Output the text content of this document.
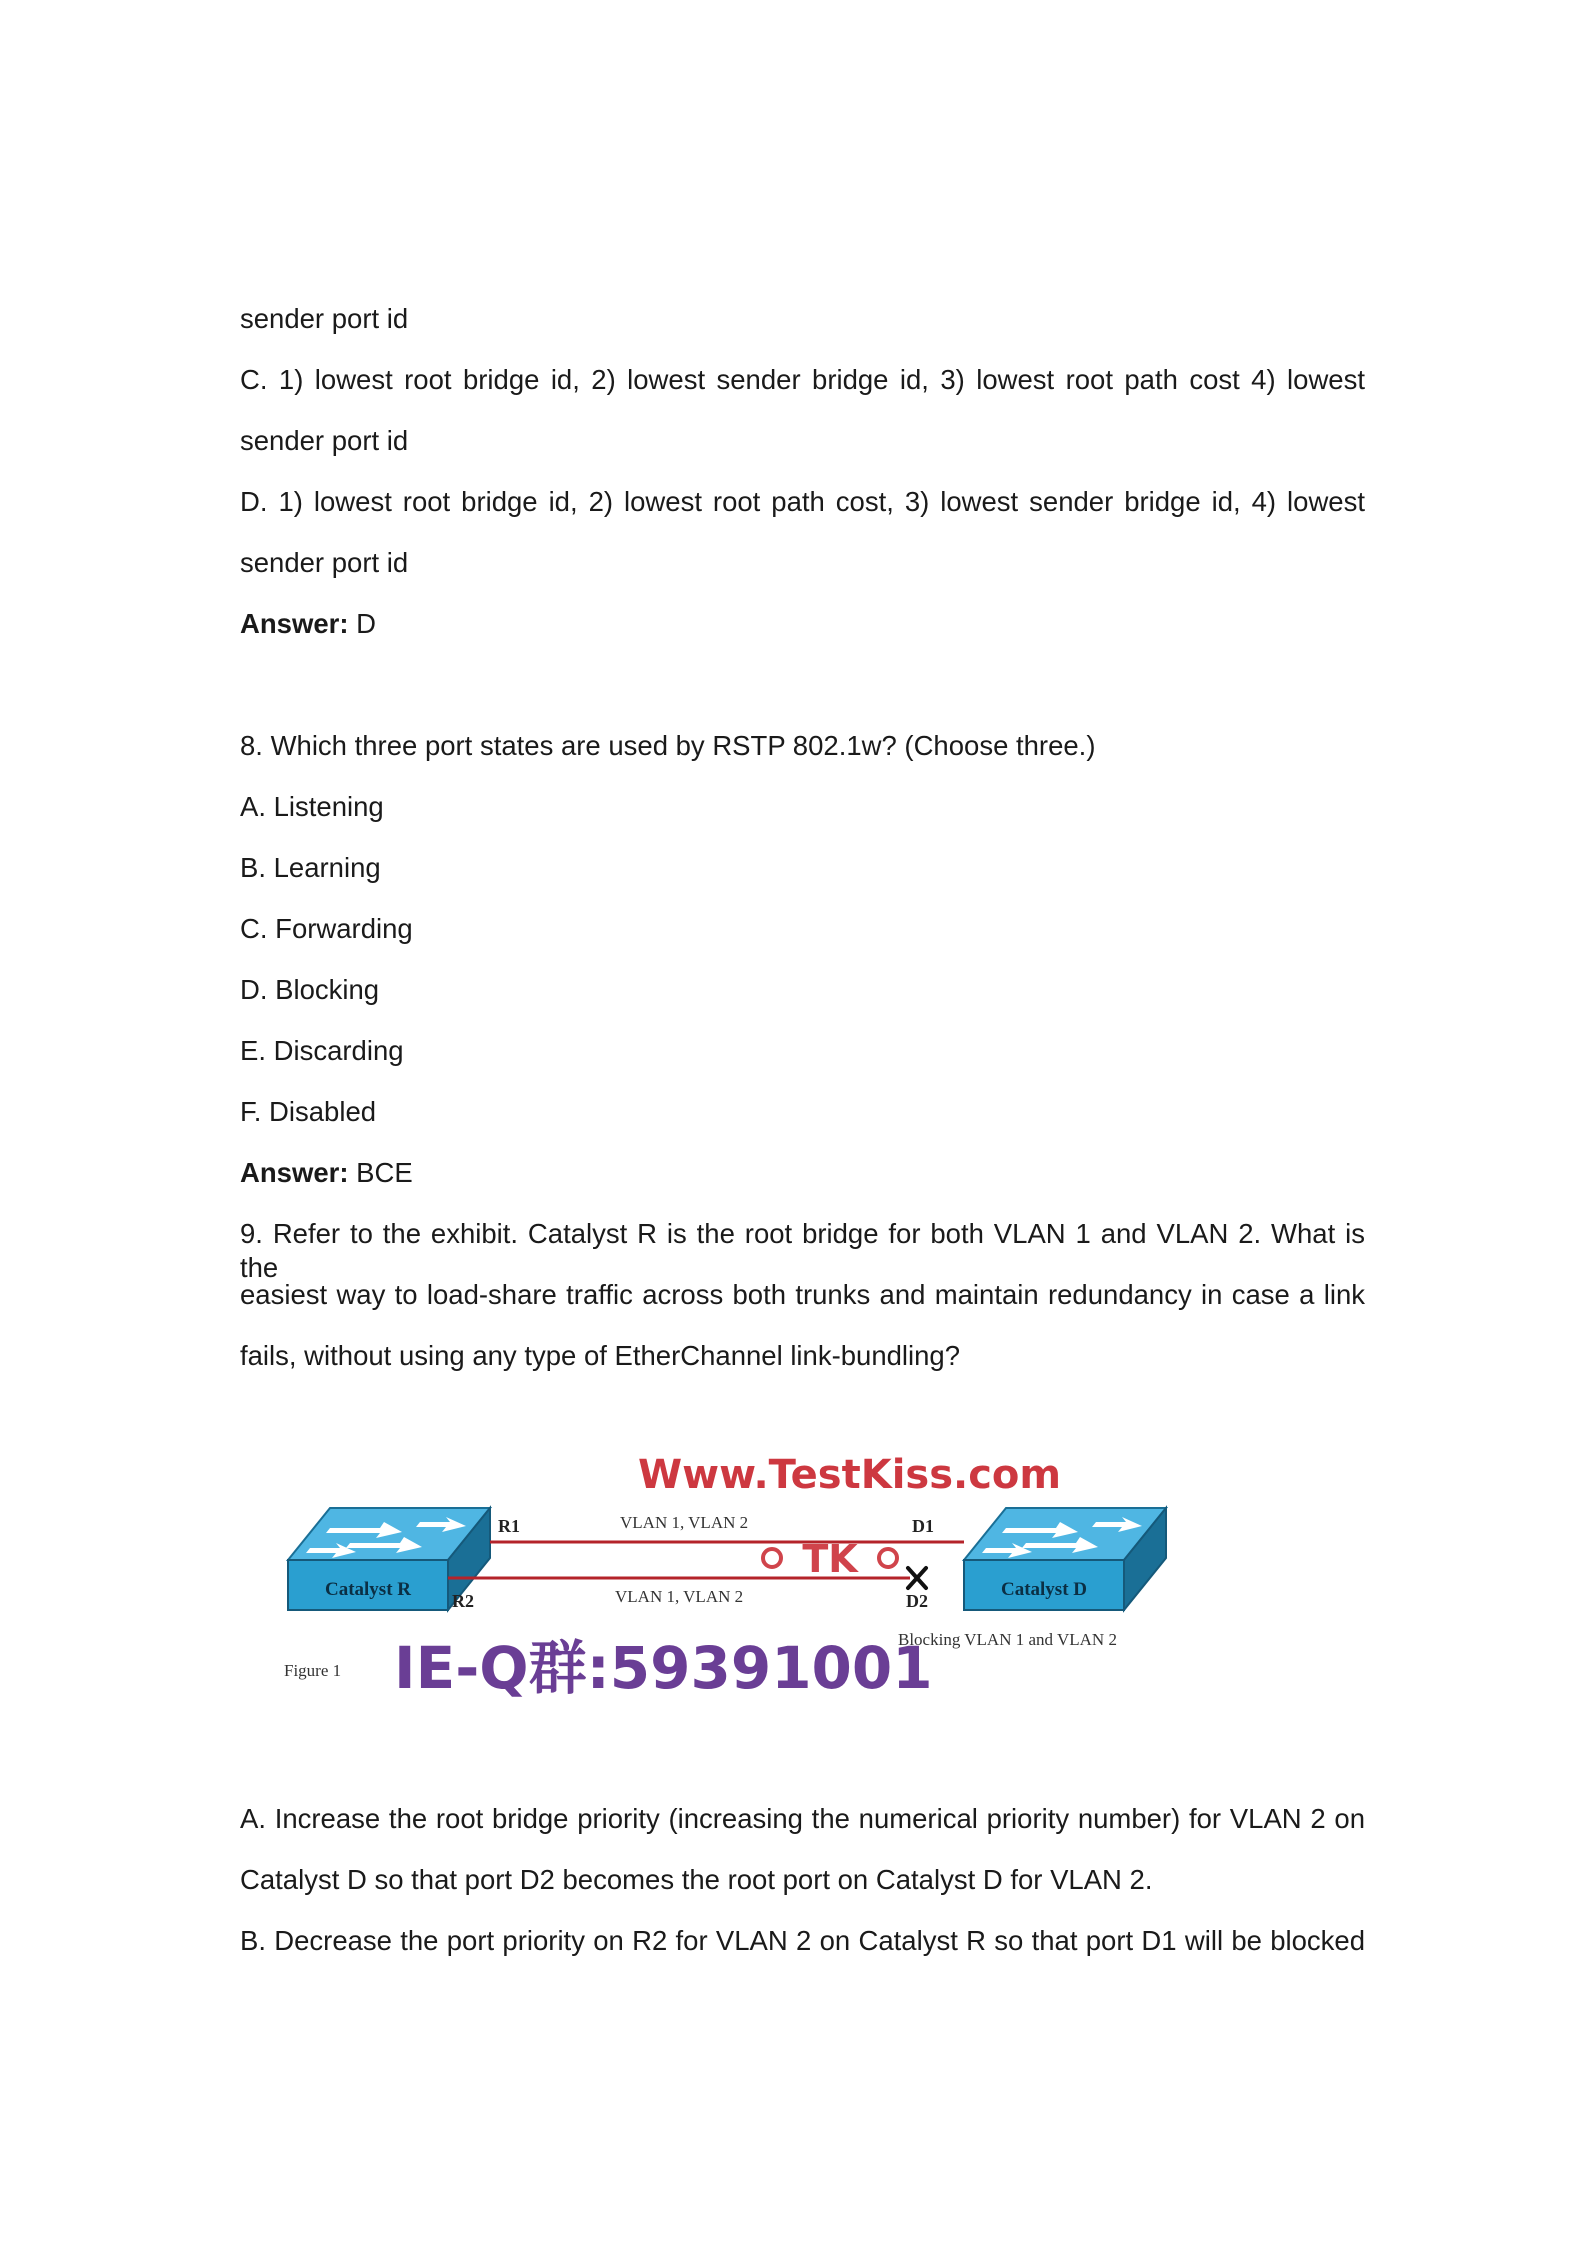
sender port id
C. 1) lowest root bridge id, 2) lowest sender bridge id, 3) lowest root path cost 4) lowest
sender port id
D. 1) lowest root bridge id, 2) lowest root path cost, 3) lowest sender bridge id, 4) lowest
sender port id
Answer: D
8. Which three port states are used by RSTP 802.1w? (Choose three.)
A. Listening
B. Learning
C. Forwarding
D. Blocking
E. Discarding
F. Disabled
Answer: BCE
9. Refer to the exhibit. Catalyst R is the root bridge for both VLAN 1 and VLAN 2. What is the
easiest way to load-share traffic across both trunks and maintain redundancy in case a link
fails, without using any type of EtherChannel link-bundling?
Catalyst R	Catalyst D
R1
R2
D1
D2
VLAN 1, VLAN 2
VLAN 1, VLAN 2
Blocking VLAN 1 and VLAN 2
Figure 1
Www.TestKiss.com
TK
IE-Q群:59391001
A. Increase the root bridge priority (increasing the numerical priority number) for VLAN 2 on
Catalyst D so that port D2 becomes the root port on Catalyst D for VLAN 2.
B. Decrease the port priority on R2 for VLAN 2 on Catalyst R so that port D1 will be blocked
